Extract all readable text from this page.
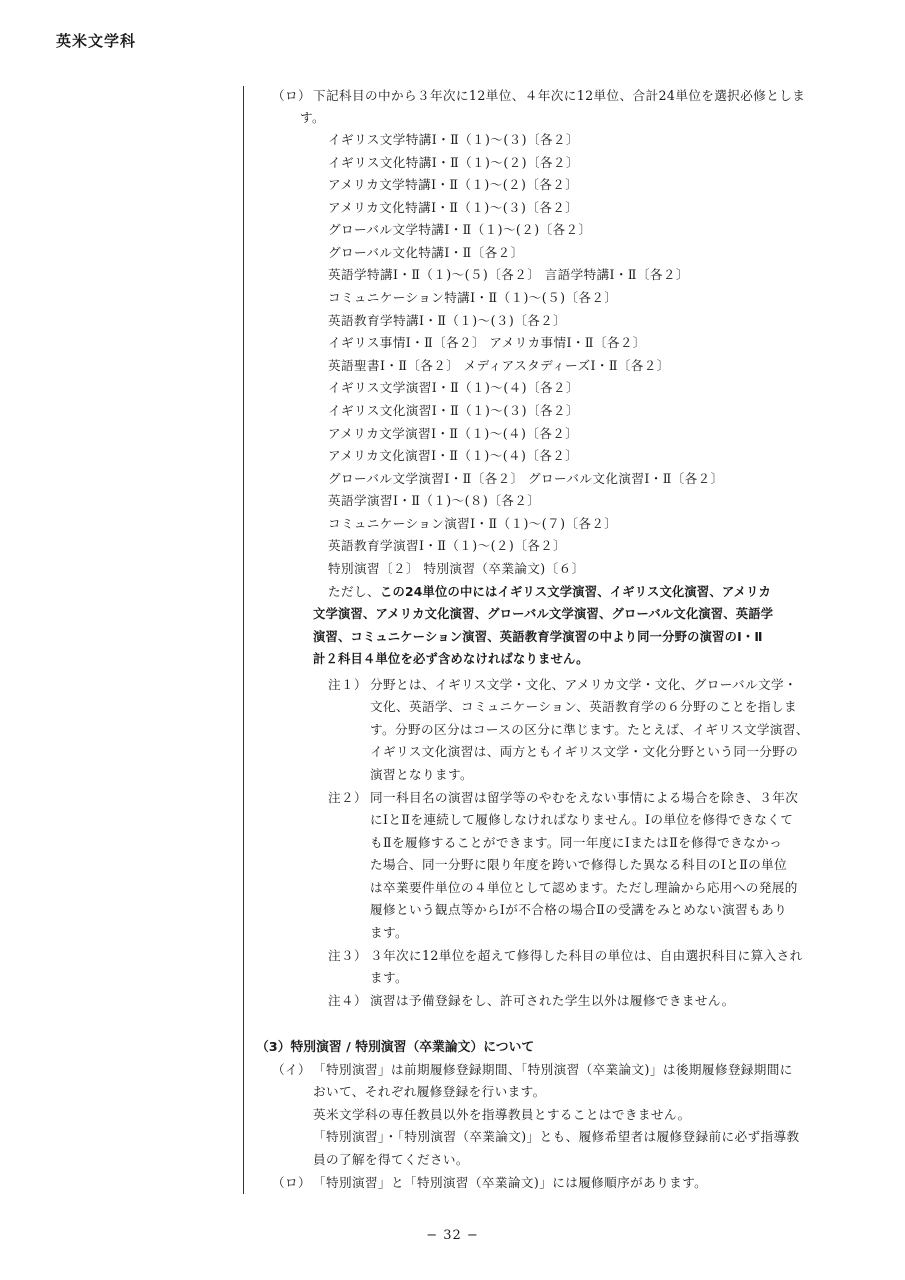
英米文学科
（ロ） 下記科目の中から３年次に12単位、４年次に12単位、合計24単位を選択必修としま
す。
イギリス文学特講Ⅰ・Ⅱ（１)〜(３)〔各２〕
イギリス文化特講Ⅰ・Ⅱ（１)〜(２)〔各２〕
アメリカ文学特講Ⅰ・Ⅱ（１)〜(２)〔各２〕
アメリカ文化特講Ⅰ・Ⅱ（１)〜(３)〔各２〕
グローバル文学特講Ⅰ・Ⅱ（１)〜(２)〔各２〕
グローバル文化特講Ⅰ・Ⅱ〔各２〕
英語学特講Ⅰ・Ⅱ（１)〜(５)〔各２〕 言語学特講Ⅰ・Ⅱ〔各２〕
コミュニケーション特講Ⅰ・Ⅱ（１)〜(５)〔各２〕
英語教育学特講Ⅰ・Ⅱ（１)〜(３)〔各２〕
イギリス事情Ⅰ・Ⅱ〔各２〕 アメリカ事情Ⅰ・Ⅱ〔各２〕
英語聖書Ⅰ・Ⅱ〔各２〕 メディアスタディーズⅠ・Ⅱ〔各２〕
イギリス文学演習Ⅰ・Ⅱ（１)〜(４)〔各２〕
イギリス文化演習Ⅰ・Ⅱ（１)〜(３)〔各２〕
アメリカ文学演習Ⅰ・Ⅱ（１)〜(４)〔各２〕
アメリカ文化演習Ⅰ・Ⅱ（１)〜(４)〔各２〕
グローバル文学演習Ⅰ・Ⅱ〔各２〕 グローバル文化演習Ⅰ・Ⅱ〔各２〕
英語学演習Ⅰ・Ⅱ（１)〜(８)〔各２〕
コミュニケーション演習Ⅰ・Ⅱ（１)〜(７)〔各２〕
英語教育学演習Ⅰ・Ⅱ（１)〜(２)〔各２〕
特別演習〔２〕 特別演習（卒業論文)〔６〕
ただし、この24単位の中にはイギリス文学演習、イギリス文化演習、アメリカ
文学演習、アメリカ文化演習、グローバル文学演習、グローバル文化演習、英語学
演習、コミュニケーション演習、英語教育学演習の中より同一分野の演習のⅠ・Ⅱ
計２科目４単位を必ず含めなければなりません。
注１） 分野とは、イギリス文学・文化、アメリカ文学・文化、グローバル文学・
文化、英語学、コミュニケーション、英語教育学の６分野のことを指しま
す。分野の区分はコースの区分に準じます。たとえば、イギリス文学演習、
イギリス文化演習は、両方ともイギリス文学・文化分野という同一分野の
演習となります。
注２） 同一科目名の演習は留学等のやむをえない事情による場合を除き、３年次
にⅠとⅡを連続して履修しなければなりません。Ⅰの単位を修得できなくて
もⅡを履修することができます。同一年度にⅠまたはⅡを修得できなかっ
た場合、同一分野に限り年度を跨いで修得した異なる科目のⅠとⅡの単位
は卒業要件単位の４単位として認めます。ただし理論から応用への発展的
履修という観点等からⅠが不合格の場合Ⅱの受講をみとめない演習もあり
ます。
注３） ３年次に12単位を超えて修得した科目の単位は、自由選択科目に算入され
ます。
注４） 演習は予備登録をし、許可された学生以外は履修できません。
（3）特別演習 / 特別演習（卒業論文）について
（イ） 「特別演習」は前期履修登録期間、「特別演習（卒業論文)」は後期履修登録期間に
おいて、それぞれ履修登録を行います。
英米文学科の専任教員以外を指導教員とすることはできません。
「特別演習」・「特別演習（卒業論文)」とも、履修希望者は履修登録前に必ず指導教
員の了解を得てください。
（ロ） 「特別演習」と「特別演習（卒業論文)」には履修順序があります。
− 32 −
